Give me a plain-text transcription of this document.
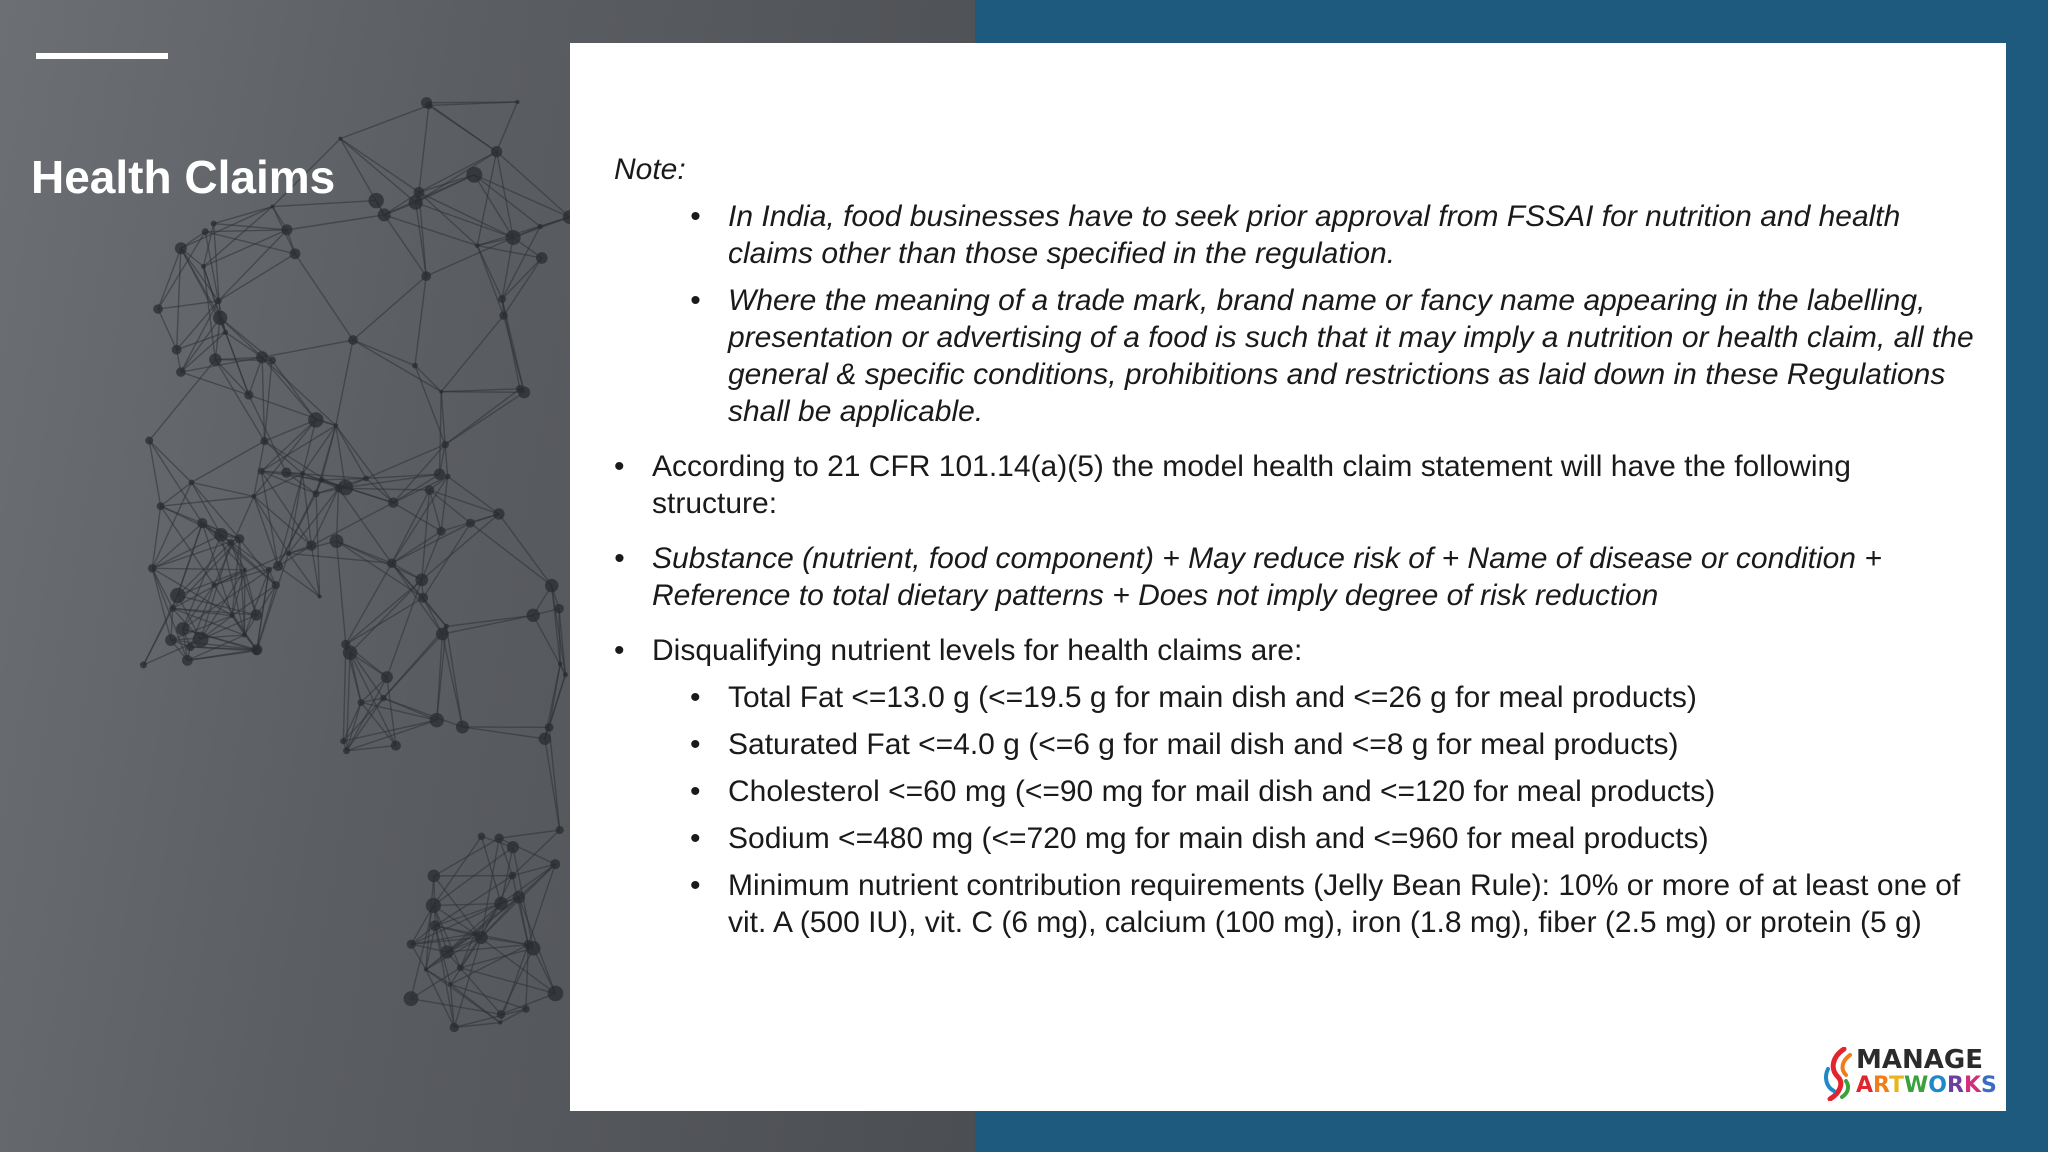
Health Claims	Note:

• In India, food businesses have to seek prior approval from FSSAI for nutrition and health claims other than those specified in the regulation.
• Where the meaning of a trade mark, brand name or fancy name appearing in the labelling, presentation or advertising of a food is such that it may imply a nutrition or health claim, all the general & specific conditions, prohibitions and restrictions as laid down in these Regulations shall be applicable.
• According to 21 CFR 101.14(a)(5) the model health claim statement will have the following structure:
• Substance (nutrient, food component) + May reduce risk of + Name of disease or condition + Reference to total dietary patterns + Does not imply degree of risk reduction
• Disqualifying nutrient levels for health claims are:
• Total Fat <=13.0 g (<=19.5 g for main dish and <=26 g for meal products)
• Saturated Fat <=4.0 g (<=6 g for mail dish and <=8 g for meal products)
• Cholesterol <=60 mg (<=90 mg for mail dish and <=120 for meal products)
• Sodium <=480 mg (<=720 mg for main dish and <=960 for meal products)
• Minimum nutrient contribution requirements (Jelly Bean Rule): 10% or more of at least one of vit. A (500 IU), vit. C (6 mg), calcium (100 mg), iron (1.8 mg), fiber (2.5 mg) or protein (5 g)
MANAGE
ARTWORKS
